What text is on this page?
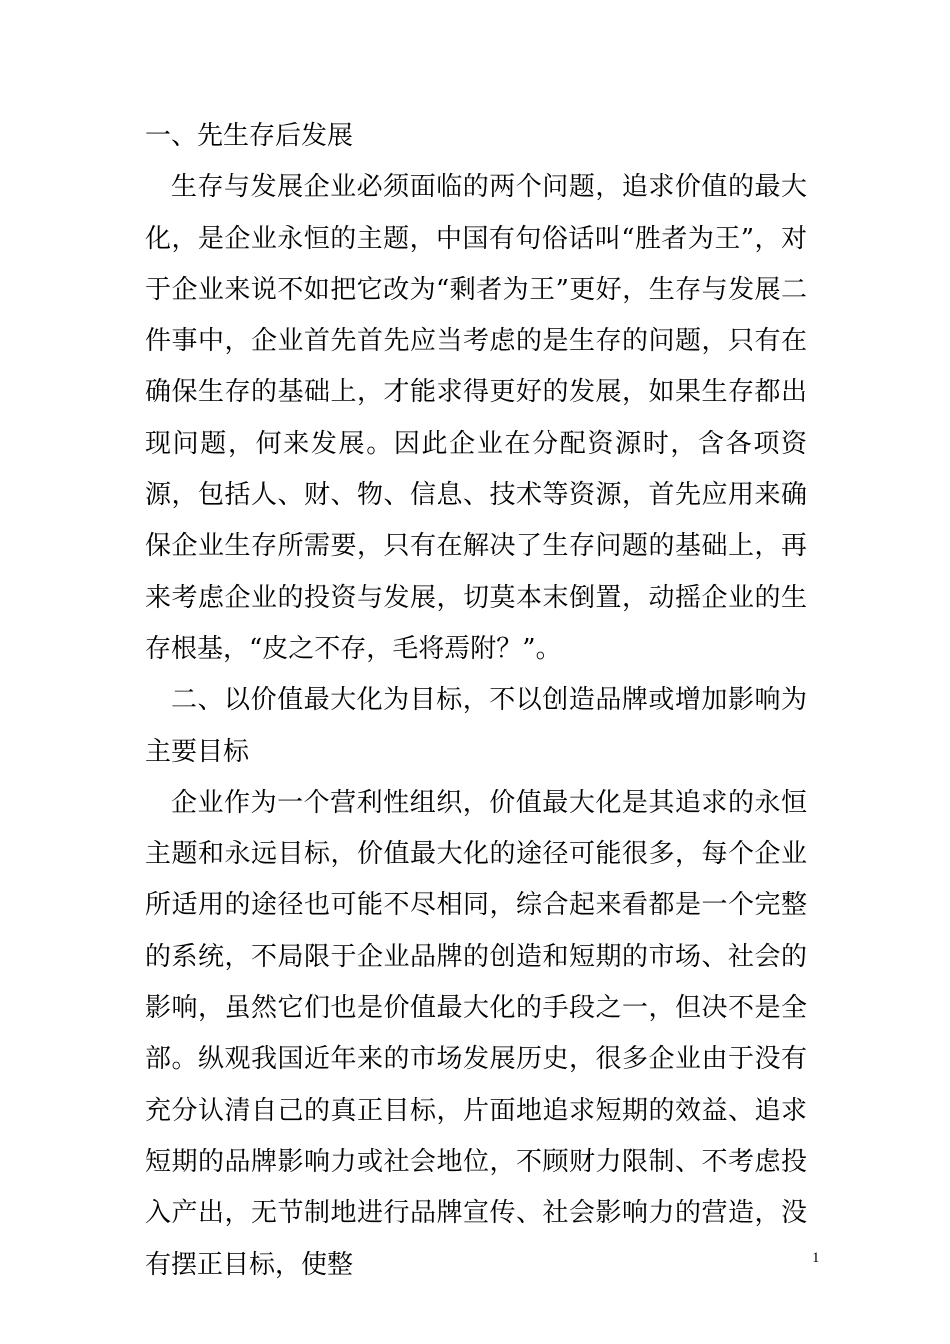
一、先生存后发展

生存与发展企业必须面临的两个问题，追求价值的最大化，是企业永恒的主题，中国有句俗话叫“胜者为王”，对于企业来说不如把它改为“剩者为王”更好，生存与发展二件事中，企业首先首先应当考虑的是生存的问题，只有在确保生存的基础上，才能求得更好的发展，如果生存都出现问题，何来发展。因此企业在分配资源时，含各项资源，包括人、财、物、信息、技术等资源，首先应用来确保企业生存所需要，只有在解决了生存问题的基础上，再来考虑企业的投资与发展，切莫本末倒置，动摇企业的生存根基，“皮之不存，毛将焉附？”。

二、以价值最大化为目标，不以创造品牌或增加影响为主要目标

企业作为一个营利性组织，价值最大化是其追求的永恒主题和永远目标，价值最大化的途径可能很多，每个企业所适用的途径也可能不尽相同，综合起来看都是一个完整的系统，不局限于企业品牌的创造和短期的市场、社会的影响，虽然它们也是价值最大化的手段之一，但决不是全部。纵观我国近年来的市场发展历史，很多企业由于没有充分认清自己的真正目标，片面地追求短期的效益、追求短期的品牌影响力或社会地位，不顾财力限制、不考虑投入产出，无节制地进行品牌宣传、社会影响力的营造，没有摆正目标，使整	1
